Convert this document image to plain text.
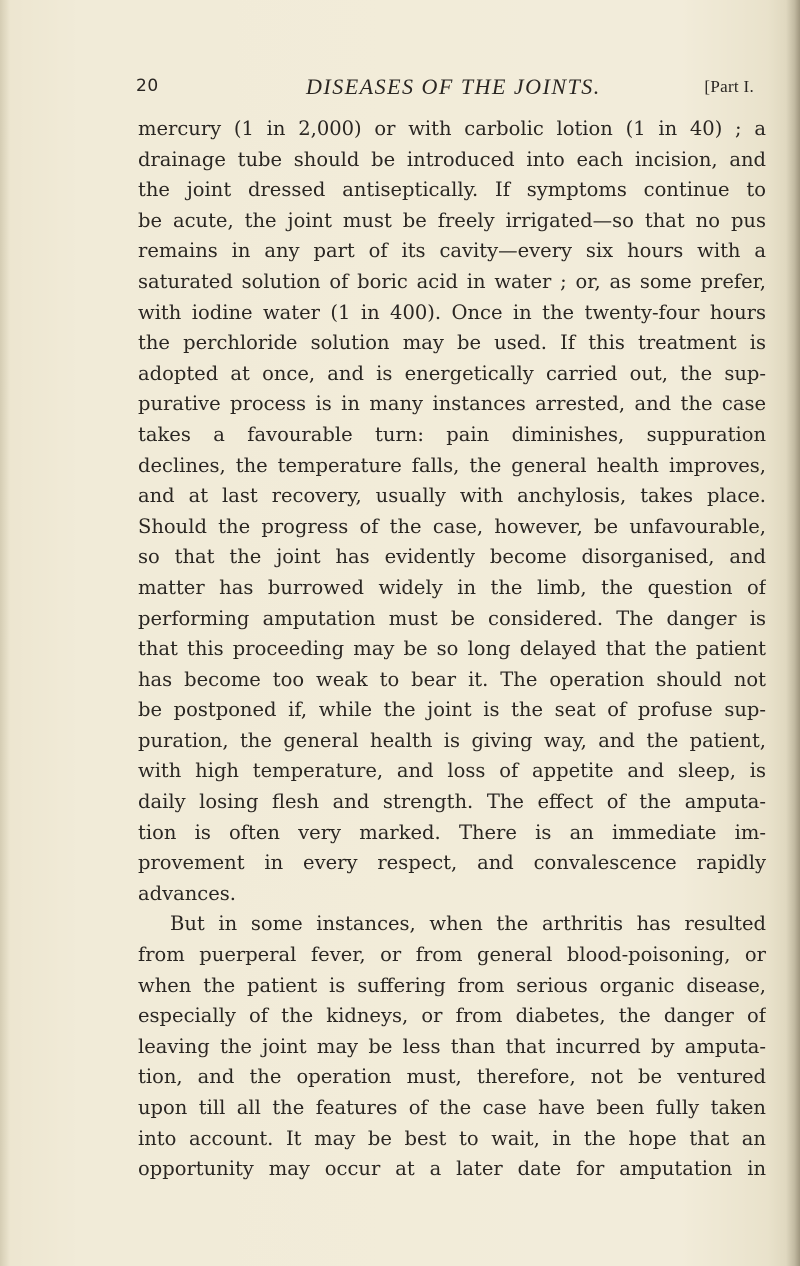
20	DISEASES OF THE JOINTS.	[Part I.
mercury (1 in 2,000) or with carbolic lotion (1 in 40) ; a
drainage tube should be introduced into each incision, and
the joint dressed antiseptically. If symptoms continue to
be acute, the joint must be freely irrigated—so that no pus
remains in any part of its cavity—every six hours with a
saturated solution of boric acid in water ; or, as some prefer,
with iodine water (1 in 400). Once in the twenty-four hours
the perchloride solution may be used. If this treatment is
adopted at once, and is energetically carried out, the sup-
purative process is in many instances arrested, and the case
takes a favourable turn: pain diminishes, suppuration
declines, the temperature falls, the general health improves,
and at last recovery, usually with anchylosis, takes place.
Should the progress of the case, however, be unfavourable,
so that the joint has evidently become disorganised, and
matter has burrowed widely in the limb, the question of
performing amputation must be considered. The danger is
that this proceeding may be so long delayed that the patient
has become too weak to bear it. The operation should not
be postponed if, while the joint is the seat of profuse sup-
puration, the general health is giving way, and the patient,
with high temperature, and loss of appetite and sleep, is
daily losing flesh and strength. The effect of the amputa-
tion is often very marked. There is an immediate im-
provement in every respect, and convalescence rapidly
advances.
But in some instances, when the arthritis has resulted
from puerperal fever, or from general blood-poisoning, or
when the patient is suffering from serious organic disease,
especially of the kidneys, or from diabetes, the danger of
leaving the joint may be less than that incurred by amputa-
tion, and the operation must, therefore, not be ventured
upon till all the features of the case have been fully taken
into account. It may be best to wait, in the hope that an
opportunity may occur at a later date for amputation in
